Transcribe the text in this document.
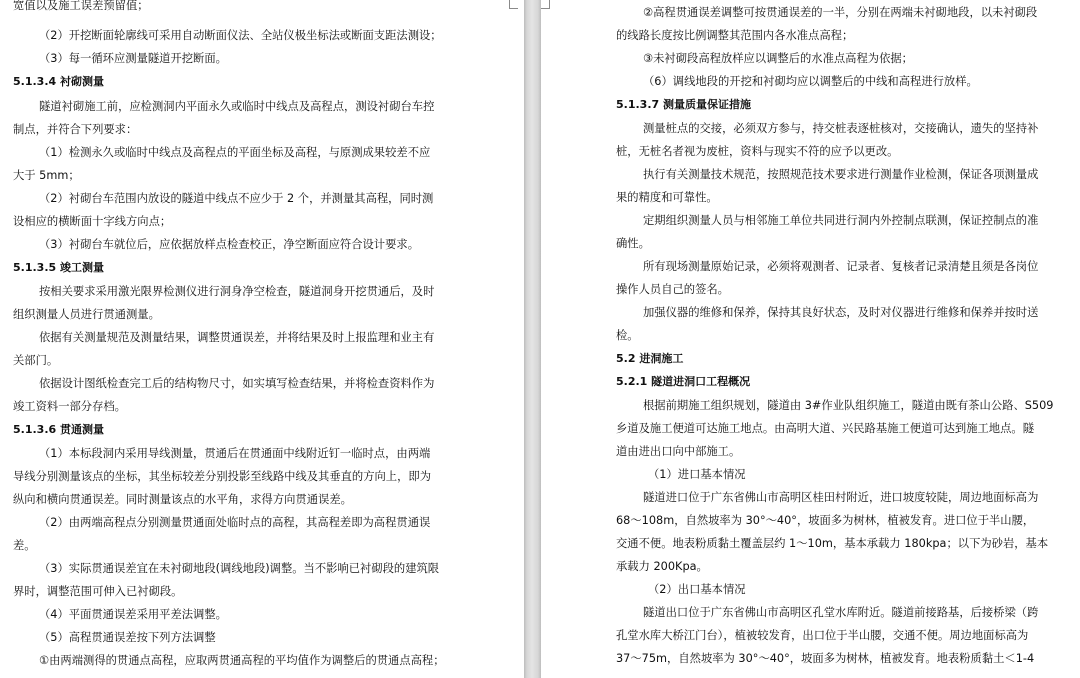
宽值以及施工误差预留值；
（2）开挖断面轮廓线可采用自动断面仪法、全站仪极坐标法或断面支距法测设；
（3）每一循环应测量隧道开挖断面。
5.1.3.4 衬砌测量
隧道衬砌施工前，应检测洞内平面永久或临时中线点及高程点，测设衬砌台车控
制点，并符合下列要求：
（1）检测永久或临时中线点及高程点的平面坐标及高程，与原测成果较差不应
大于 5mm；
（2）衬砌台车范围内放设的隧道中线点不应少于 2 个，并测量其高程，同时测
设相应的横断面十字线方向点；
（3）衬砌台车就位后，应依据放样点检查校正，净空断面应符合设计要求。
5.1.3.5 竣工测量
按相关要求采用激光限界检测仪进行洞身净空检查，隧道洞身开挖贯通后，及时
组织测量人员进行贯通测量。
依据有关测量规范及测量结果，调整贯通误差，并将结果及时上报监理和业主有
关部门。
依据设计图纸检查完工后的结构物尺寸，如实填写检查结果，并将检查资料作为
竣工资料一部分存档。
5.1.3.6 贯通测量
（1）本标段洞内采用导线测量，贯通后在贯通面中线附近钉一临时点，由两端
导线分别测量该点的坐标，其坐标较差分别投影至线路中线及其垂直的方向上，即为
纵向和横向贯通误差。同时测量该点的水平角，求得方向贯通误差。
（2）由两端高程点分别测量贯通面处临时点的高程，其高程差即为高程贯通误
差。
（3）实际贯通误差宜在未衬砌地段(调线地段)调整。当不影响已衬砌段的建筑限
界时，调整范围可伸入已衬砌段。
（4）平面贯通误差采用平差法调整。
（5）高程贯通误差按下列方法调整
①由两端测得的贯通点高程，应取两贯通高程的平均值作为调整后的贯通点高程；
②高程贯通误差调整可按贯通误差的一半，分别在两端未衬砌地段，以未衬砌段
的线路长度按比例调整其范围内各水准点高程；
③未衬砌段高程放样应以调整后的水准点高程为依据；
（6）调线地段的开挖和衬砌均应以调整后的中线和高程进行放样。
5.1.3.7 测量质量保证措施
测量桩点的交接，必须双方参与，持交桩表逐桩核对，交接确认，遗失的坚持补
桩，无桩名者视为废桩，资料与现实不符的应予以更改。
执行有关测量技术规范，按照规范技术要求进行测量作业检测，保证各项测量成
果的精度和可靠性。
定期组织测量人员与相邻施工单位共同进行洞内外控制点联测，保证控制点的准
确性。
所有现场测量原始记录，必须将观测者、记录者、复核者记录清楚且须是各岗位
操作人员自己的签名。
加强仪器的维修和保养，保持其良好状态，及时对仪器进行维修和保养并按时送
检。
5.2 进洞施工
5.2.1 隧道进洞口工程概况
根据前期施工组织规划，隧道由 3#作业队组织施工，隧道由既有茶山公路、S509
乡道及施工便道可达施工地点。由高明大道、兴民路基施工便道可达到施工地点。隧
道由进出口向中部施工。
（1）进口基本情况
隧道进口位于广东省佛山市高明区桂田村附近，进口坡度较陡，周边地面标高为
68～108m，自然坡率为 30°～40°，坡面多为树林，植被发育。进口位于半山腰，
交通不便。地表粉质黏土覆盖层约 1～10m，基本承载力 180kpa；以下为砂岩，基本
承载力 200Kpa。
（2）出口基本情况
隧道出口位于广东省佛山市高明区孔堂水库附近。隧道前接路基，后接桥梁（跨
孔堂水库大桥江门台），植被较发育，出口位于半山腰，交通不便。周边地面标高为
37～75m，自然坡率为 30°～40°，坡面多为树林，植被发育。地表粉质黏土＜1-4
